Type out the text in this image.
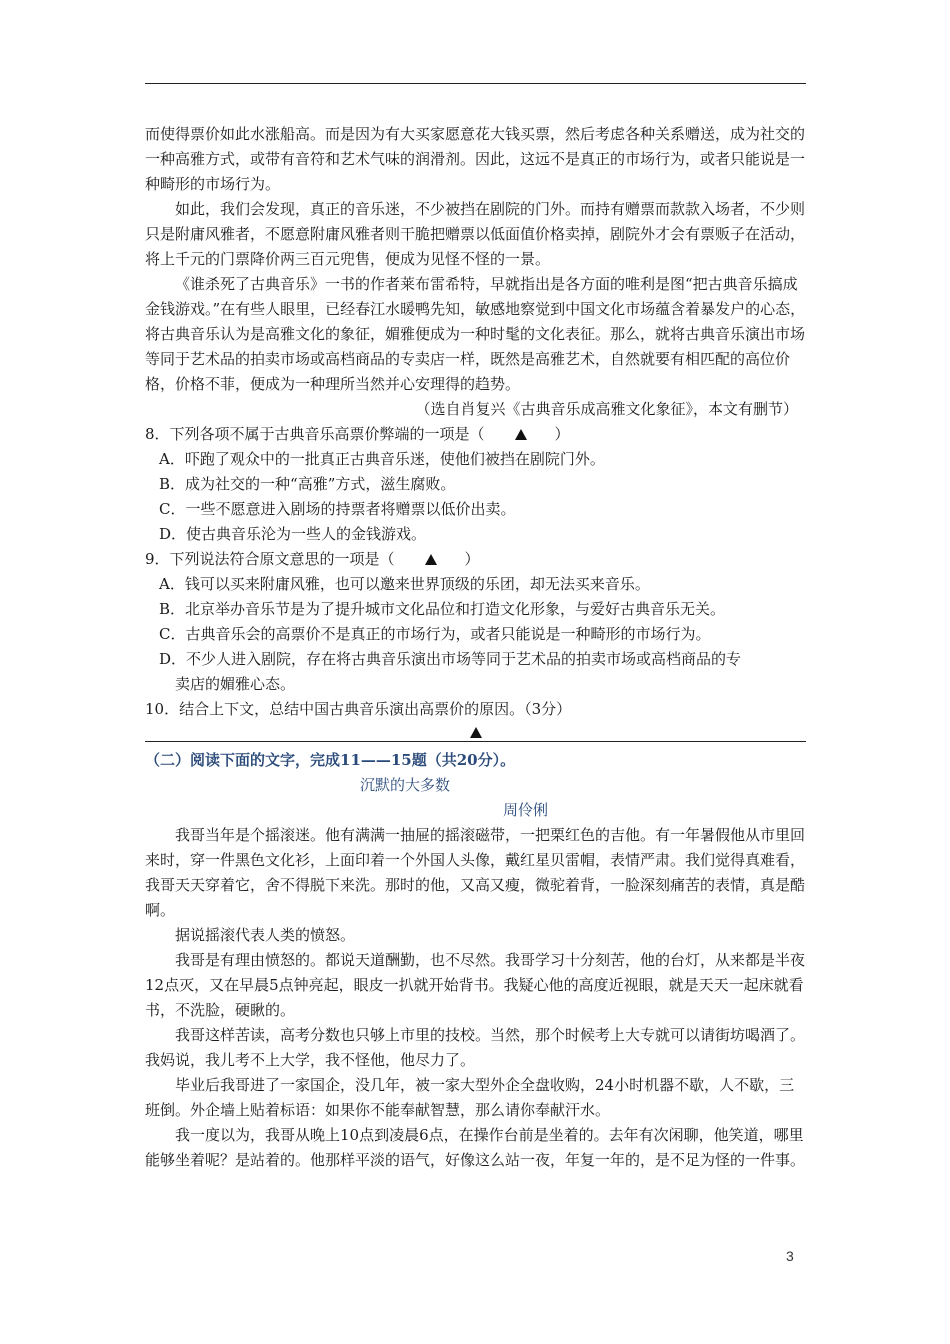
而使得票价如此水涨船高。而是因为有大买家愿意花大钱买票，然后考虑各种关系赠送，成为社交的一种高雅方式，或带有音符和艺术气味的润滑剂。因此，这远不是真正的市场行为，或者只能说是一种畸形的市场行为。

如此，我们会发现，真正的音乐迷，不少被挡在剧院的门外。而持有赠票而款款入场者，不少则只是附庸风雅者，不愿意附庸风雅者则干脆把赠票以低面值价格卖掉，剧院外才会有票贩子在活动，将上千元的门票降价两三百元兜售，便成为见怪不怪的一景。

《谁杀死了古典音乐》一书的作者莱布雷希特，早就指出是各方面的唯利是图“把古典音乐搞成金钱游戏。”在有些人眼里，已经春江水暖鸭先知，敏感地察觉到中国文化市场蕴含着暴发户的心态，将古典音乐认为是高雅文化的象征，媚雅便成为一种时髦的文化表征。那么，就将古典音乐演出市场等同于艺术品的拍卖市场或高档商品的专卖店一样，既然是高雅艺术，自然就要有相匹配的高位价格，价格不菲，便成为一种理所当然并心安理得的趋势。

（选自肖复兴《古典音乐成高雅文化象征》，本文有删节）

8．下列各项不属于古典音乐高票价弊端的一项是（	）

A．吓跑了观众中的一批真正古典音乐迷，使他们被挡在剧院门外。

B．成为社交的一种“高雅”方式，滋生腐败。

C．一些不愿意进入剧场的持票者将赠票以低价出卖。

D．使古典音乐沦为一些人的金钱游戏。

9．下列说法符合原文意思的一项是（	）

A．钱可以买来附庸风雅，也可以邀来世界顶级的乐团，却无法买来音乐。

B．北京举办音乐节是为了提升城市文化品位和打造文化形象，与爱好古典音乐无关。

C．古典音乐会的高票价不是真正的市场行为，或者只能说是一种畸形的市场行为。

D．不少人进入剧院，存在将古典音乐演出市场等同于艺术品的拍卖市场或高档商品的专

卖店的媚雅心态。

10．结合上下文，总结中国古典音乐演出高票价的原因。（3分）

（二）阅读下面的文字，完成11——15题（共20分）。

沉默的大多数

周伶俐

我哥当年是个摇滚迷。他有满满一抽屉的摇滚磁带，一把栗红色的吉他。有一年暑假他从市里回来时，穿一件黑色文化衫，上面印着一个外国人头像，戴红星贝雷帽，表情严肃。我们觉得真难看，我哥天天穿着它，舍不得脱下来洗。那时的他，又高又瘦，微驼着背，一脸深刻痛苦的表情，真是酷啊。

据说摇滚代表人类的愤怒。

我哥是有理由愤怒的。都说天道酬勤，也不尽然。我哥学习十分刻苦，他的台灯，从来都是半夜12点灭，又在早晨5点钟亮起，眼皮一扒就开始背书。我疑心他的高度近视眼，就是天天一起床就看书，不洗脸，硬瞅的。

我哥这样苦读，高考分数也只够上市里的技校。当然，那个时候考上大专就可以请街坊喝酒了。我妈说，我儿考不上大学，我不怪他，他尽力了。

毕业后我哥进了一家国企，没几年，被一家大型外企全盘收购，24小时机器不歇，人不歇，三班倒。外企墙上贴着标语：如果你不能奉献智慧，那么请你奉献汗水。

我一度以为，我哥从晚上10点到凌晨6点，在操作台前是坐着的。去年有次闲聊，他笑道，哪里能够坐着呢？是站着的。他那样平淡的语气，好像这么站一夜，年复一年的，是不足为怪的一件事。

3
